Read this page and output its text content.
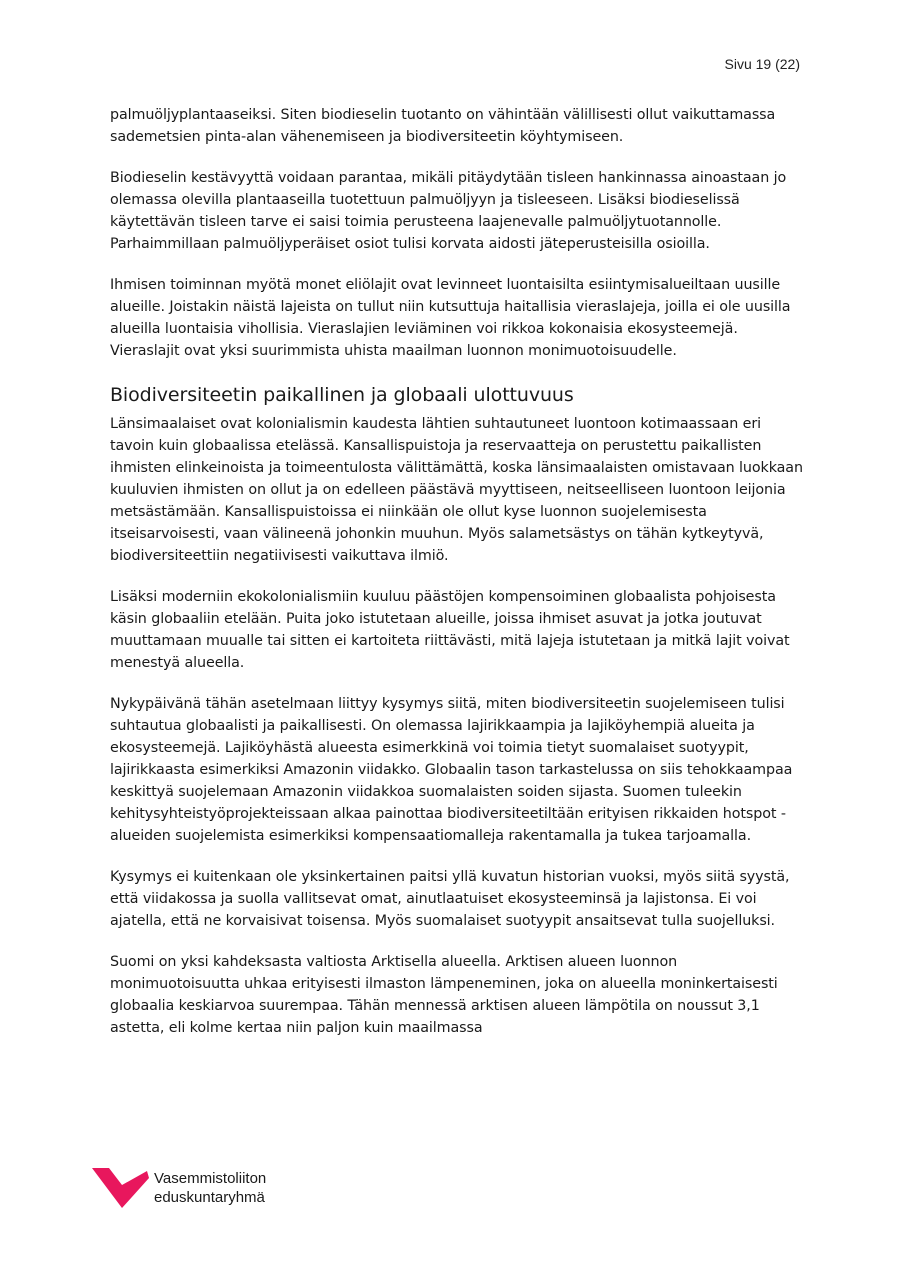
Sivu 19 (22)

palmuöljyplantaaseiksi. Siten biodieselin tuotanto on vähintään välillisesti ollut vaikuttamassa sademetsien pinta-alan vähenemiseen ja biodiversiteetin köyhtymiseen.

Biodieselin kestävyyttä voidaan parantaa, mikäli pitäydytään tisleen hankinnassa ainoastaan jo olemassa olevilla plantaaseilla tuotettuun palmuöljyyn ja tisleeseen. Lisäksi biodieselissä käytettävän tisleen tarve ei saisi toimia perusteena laajenevalle palmuöljytuotannolle. Parhaimmillaan palmuöljyperäiset osiot tulisi korvata aidosti jäteperusteisilla osioilla.

Ihmisen toiminnan myötä monet eliölajit ovat levinneet luontaisilta esiintymisalueiltaan uusille alueille. Joistakin näistä lajeista on tullut niin kutsuttuja haitallisia vieraslajeja, joilla ei ole uusilla alueilla luontaisia vihollisia. Vieraslajien leviäminen voi rikkoa kokonaisia ekosysteemejä. Vieraslajit ovat yksi suurimmista uhista maailman luonnon monimuotoisuudelle.

Biodiversiteetin paikallinen ja globaali ulottuvuus

Länsimaalaiset ovat kolonialismin kaudesta lähtien suhtautuneet luontoon kotimaassaan eri tavoin kuin globaalissa etelässä. Kansallispuistoja ja reservaatteja on perustettu paikallisten ihmisten elinkeinoista ja toimeentulosta välittämättä, koska länsimaalaisten omistavaan luokkaan kuuluvien ihmisten on ollut ja on edelleen päästävä myyttiseen, neitseelliseen luontoon leijonia metsästämään. Kansallispuistoissa ei niinkään ole ollut kyse luonnon suojelemisesta itseisarvoisesti, vaan välineenä johonkin muuhun. Myös salametsästys on tähän kytkeytyvä, biodiversiteettiin negatiivisesti vaikuttava ilmiö.

Lisäksi moderniin ekokolonialismiin kuuluu päästöjen kompensoiminen globaalista pohjoisesta käsin globaaliin etelään. Puita joko istutetaan alueille, joissa ihmiset asuvat ja jotka joutuvat muuttamaan muualle tai sitten ei kartoiteta riittävästi, mitä lajeja istutetaan ja mitkä lajit voivat menestyä alueella.

Nykypäivänä tähän asetelmaan liittyy kysymys siitä, miten biodiversiteetin suojelemiseen tulisi suhtautua globaalisti ja paikallisesti. On olemassa lajirikkaampia ja lajiköyhempiä alueita ja ekosysteemejä. Lajiköyhästä alueesta esimerkkinä voi toimia tietyt suomalaiset suotyypit, lajirikkaasta esimerkiksi Amazonin viidakko. Globaalin tason tarkastelussa on siis tehokkaampaa keskittyä suojelemaan Amazonin viidakkoa suomalaisten soiden sijasta. Suomen tuleekin kehitysyhteistyöprojekteissaan alkaa painottaa biodiversiteetiltään erityisen rikkaiden hotspot -alueiden suojelemista esimerkiksi kompensaatiomalleja rakentamalla ja tukea tarjoamalla.

Kysymys ei kuitenkaan ole yksinkertainen paitsi yllä kuvatun historian vuoksi, myös siitä syystä, että viidakossa ja suolla vallitsevat omat, ainutlaatuiset ekosysteeminsä ja lajistonsa. Ei voi ajatella, että ne korvaisivat toisensa. Myös suomalaiset suotyypit ansaitsevat tulla suojelluksi.

Suomi on yksi kahdeksasta valtiosta Arktisella alueella. Arktisen alueen luonnon monimuotoisuutta uhkaa erityisesti ilmaston lämpeneminen, joka on alueella moninkertaisesti globaalia keskiarvoa suurempaa. Tähän mennessä arktisen alueen lämpötila on noussut 3,1 astetta, eli kolme kertaa niin paljon kuin maailmassa

Vasemmistoliiton
eduskuntaryhmä
